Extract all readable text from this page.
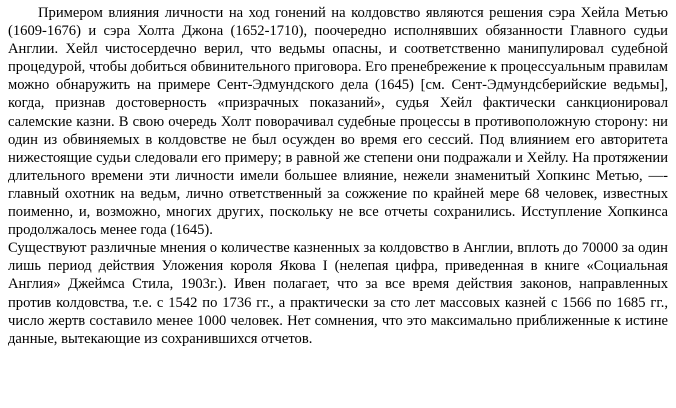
Примером влияния личности на ход гонений на колдовство являются решения сэра Хейла Метью (1609-1676) и сэра Холта Джона (1652-1710), поочередно исполнявших обязанности Главного судьи Англии. Хейл чистосердечно верил, что ведьмы опасны, и соответственно манипулировал судебной процедурой, чтобы добиться обвинительного приговора. Его пренебрежение к процессуальным правилам можно обнаружить на примере Сент-Эдмундского дела (1645) [см. Сент-Эдмундсберийские ведьмы], когда, признав достоверность «призрачных показаний», судья Хейл фактически санкционировал салемские казни. В свою очередь Холт поворачивал судебные процессы в противоположную сторону: ни один из обвиняемых в колдовстве не был осужден во время его сессий. Под влиянием его авторитета нижестоящие судьи следовали его примеру; в равной же степени они подражали и Хейлу. На протяжении длительного времени эти личности имели большее влияние, нежели знаменитый Хопкинс Метью, —- главный охотник на ведьм, лично ответственный за сожжение по крайней мере 68 человек, известных поименно, и, возможно, многих других, поскольку не все отчеты сохранились. Исступление Хопкинса продолжалось менее года (1645).

Существуют различные мнения о количестве казненных за колдовство в Англии, вплоть до 70000 за один лишь период действия Уложения короля Якова I (нелепая цифра, приведенная в книге «Социальная Англия» Джеймса Стила, 1903г.). Ивен полагает, что за все время действия законов, направленных против колдовства, т.е. с 1542 по 1736 гг., а практически за сто лет массовых казней с 1566 по 1685 гг., число жертв составило менее 1000 человек. Нет сомнения, что это максимально приближенные к истине данные, вытекающие из сохранившихся отчетов.
